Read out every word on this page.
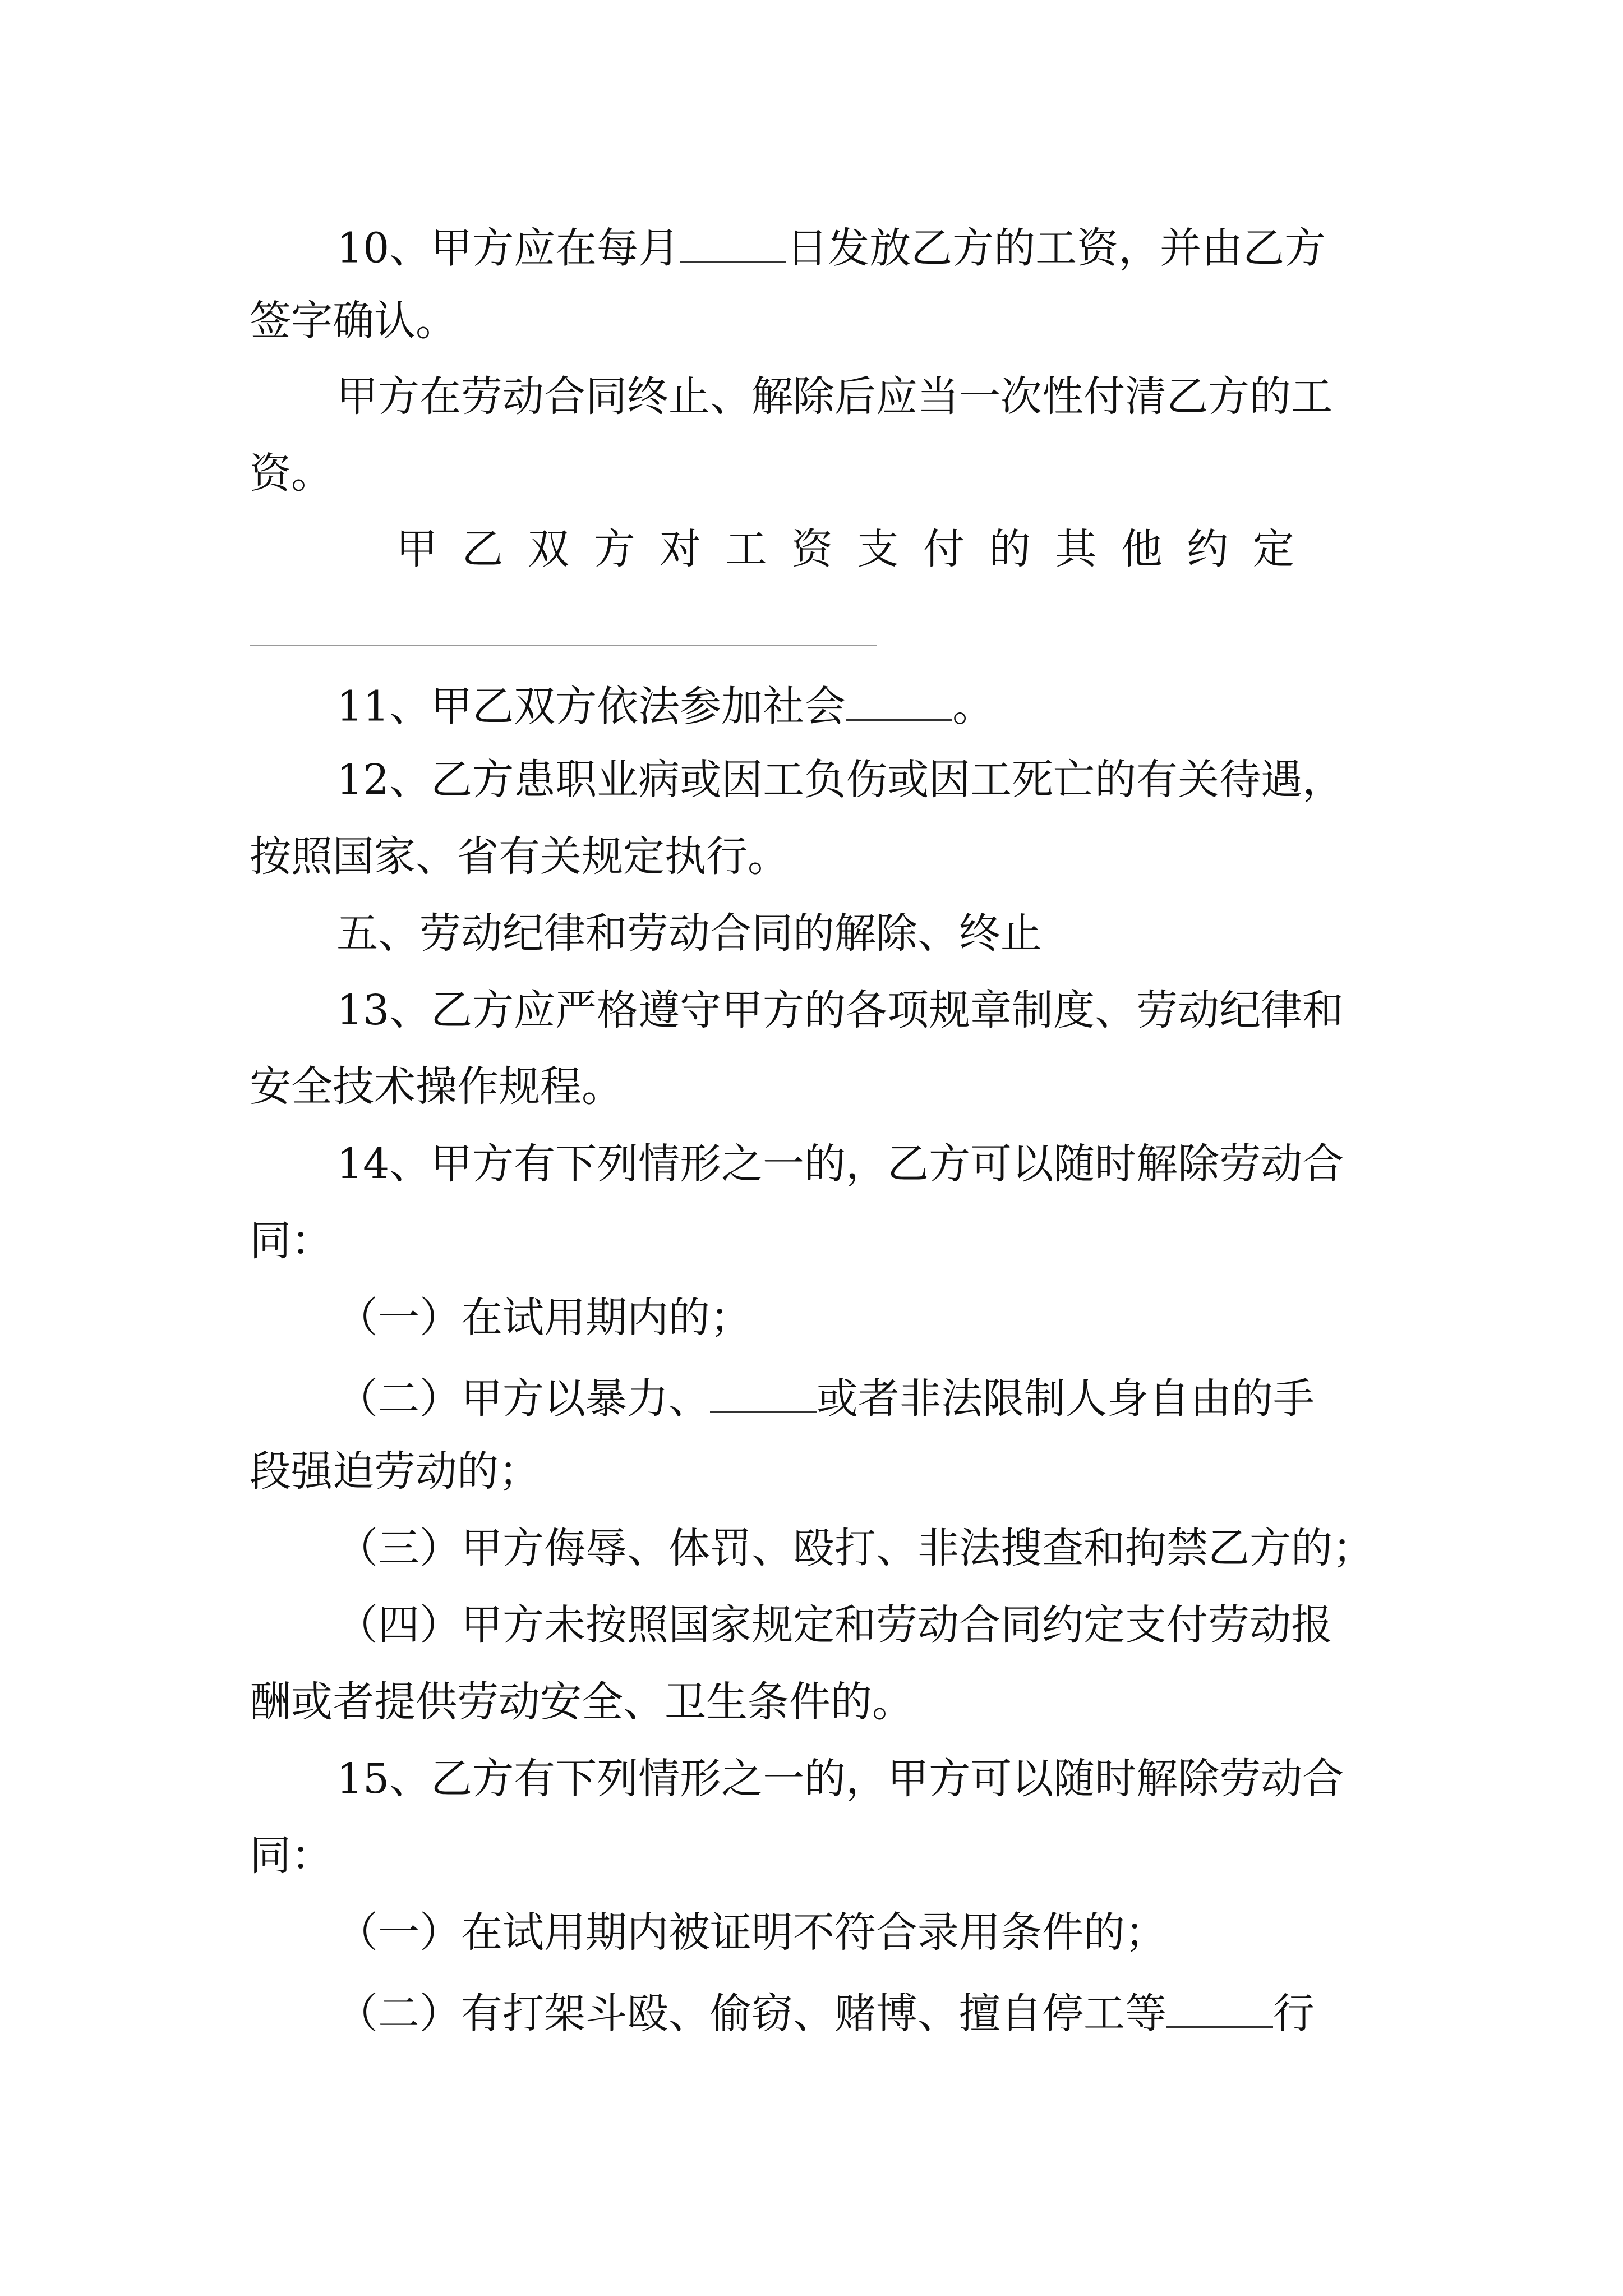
10、甲方应在每月	日发放乙方的工资，并由乙方
签字确认。
甲方在劳动合同终止、解除后应当一次性付清乙方的工
资。
甲 乙 双 方 对 工 资 支 付 的 其 他 约 定
11、甲乙双方依法参加社会	。
12、乙方患职业病或因工负伤或因工死亡的有关待遇，
按照国家、省有关规定执行。
五、劳动纪律和劳动合同的解除、终止
13、乙方应严格遵守甲方的各项规章制度、劳动纪律和
安全技术操作规程。
14、甲方有下列情形之一的，乙方可以随时解除劳动合
同：
（一）在试用期内的；
（二）甲方以暴力、	或者非法限制人身自由的手
段强迫劳动的；
（三）甲方侮辱、体罚、殴打、非法搜查和拘禁乙方的；
（四）甲方未按照国家规定和劳动合同约定支付劳动报
酬或者提供劳动安全、卫生条件的。
15、乙方有下列情形之一的，甲方可以随时解除劳动合
同：
（一）在试用期内被证明不符合录用条件的；
（二）有打架斗殴、偷窃、赌博、擅自停工等	行
